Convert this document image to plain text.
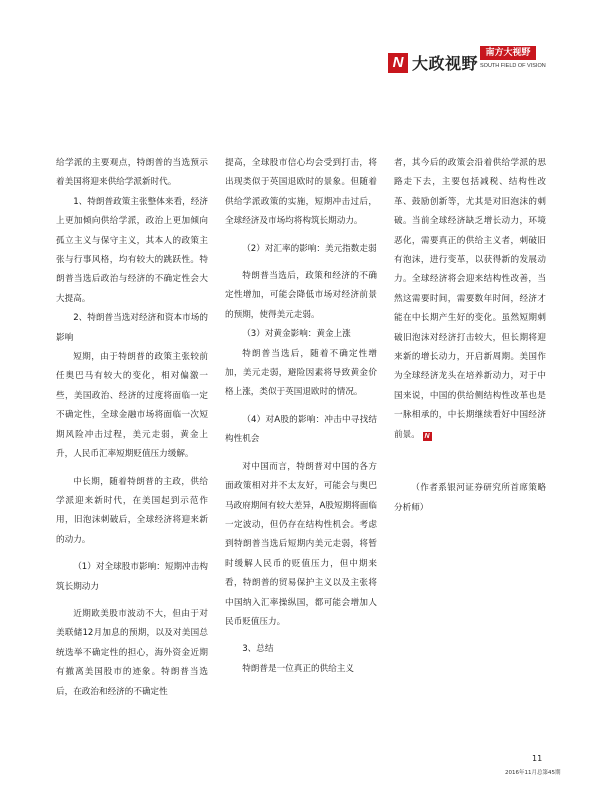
N 大政视野
南方大视野
SOUTH FIELD OF VISION

给学派的主要观点，特朗普的当选预示着美国将迎来供给学派新时代。

1、特朗普政策主张整体来看，经济上更加倾向供给学派，政治上更加倾向孤立主义与保守主义，其本人的政策主张与行事风格，均有较大的跳跃性。特朗普当选后政治与经济的不确定性会大大提高。

2、特朗普当选对经济和资本市场的影响

短期，由于特朗普的政策主张较前任奥巴马有较大的变化，相对偏激一些，美国政治、经济的过度将面临一定不确定性，全球金融市场将面临一次短期风险冲击过程，美元走弱，黄金上升，人民币汇率短期贬值压力缓解。

中长期，随着特朗普的主政，供给学派迎来新时代，在美国起到示范作用，旧泡沫刺破后，全球经济将迎来新的动力。

（1）对全球股市影响：短期冲击构筑长期动力

近期欧美股市波动不大，但由于对美联储12月加息的预期，以及对美国总统选举不确定性的担心，海外资金近期有撤离美国股市的迹象。特朗普当选后，在政治和经济的不确定性

提高，全球股市信心均会受到打击，将出现类似于英国退欧时的景象。但随着供给学派政策的实施，短期冲击过后，全球经济及市场均将构筑长期动力。

（2）对汇率的影响：美元指数走弱

特朗普当选后，政策和经济的不确定性增加，可能会降低市场对经济前景的预期，使得美元走弱。

（3）对黄金影响：黄金上涨

特朗普当选后，随着不确定性增加，美元走弱，避险因素将导致黄金价格上涨，类似于英国退欧时的情况。

（4）对A股的影响：冲击中寻找结构性机会

对中国而言，特朗普对中国的各方面政策相对并不太友好，可能会与奥巴马政府期间有较大差异，A股短期将面临一定波动，但仍存在结构性机会。考虑到特朗普当选后短期内美元走弱，将暂时缓解人民币的贬值压力，但中期来看，特朗普的贸易保护主义以及主张将中国纳入汇率操纵国，都可能会增加人民币贬值压力。

3、总结

特朗普是一位真正的供给主义

者，其今后的政策会沿着供给学派的思路走下去，主要包括减税、结构性改革、鼓励创新等，尤其是对旧泡沫的刺破。当前全球经济缺乏增长动力，环境恶化，需要真正的供给主义者，刺破旧有泡沫，进行变革，以获得新的发展动力。全球经济将会迎来结构性改善，当然这需要时间，需要数年时间，经济才能在中长期产生好的变化。虽然短期刺破旧泡沫对经济打击较大，但长期将迎来新的增长动力，开启新周期。美国作为全球经济龙头在培养新动力，对于中国来说，中国的供给侧结构性改革也是一脉相承的，中长期继续看好中国经济前景。 N

（作者系银河证券研究所首席策略分析师）

11
2016年11月总第45期
